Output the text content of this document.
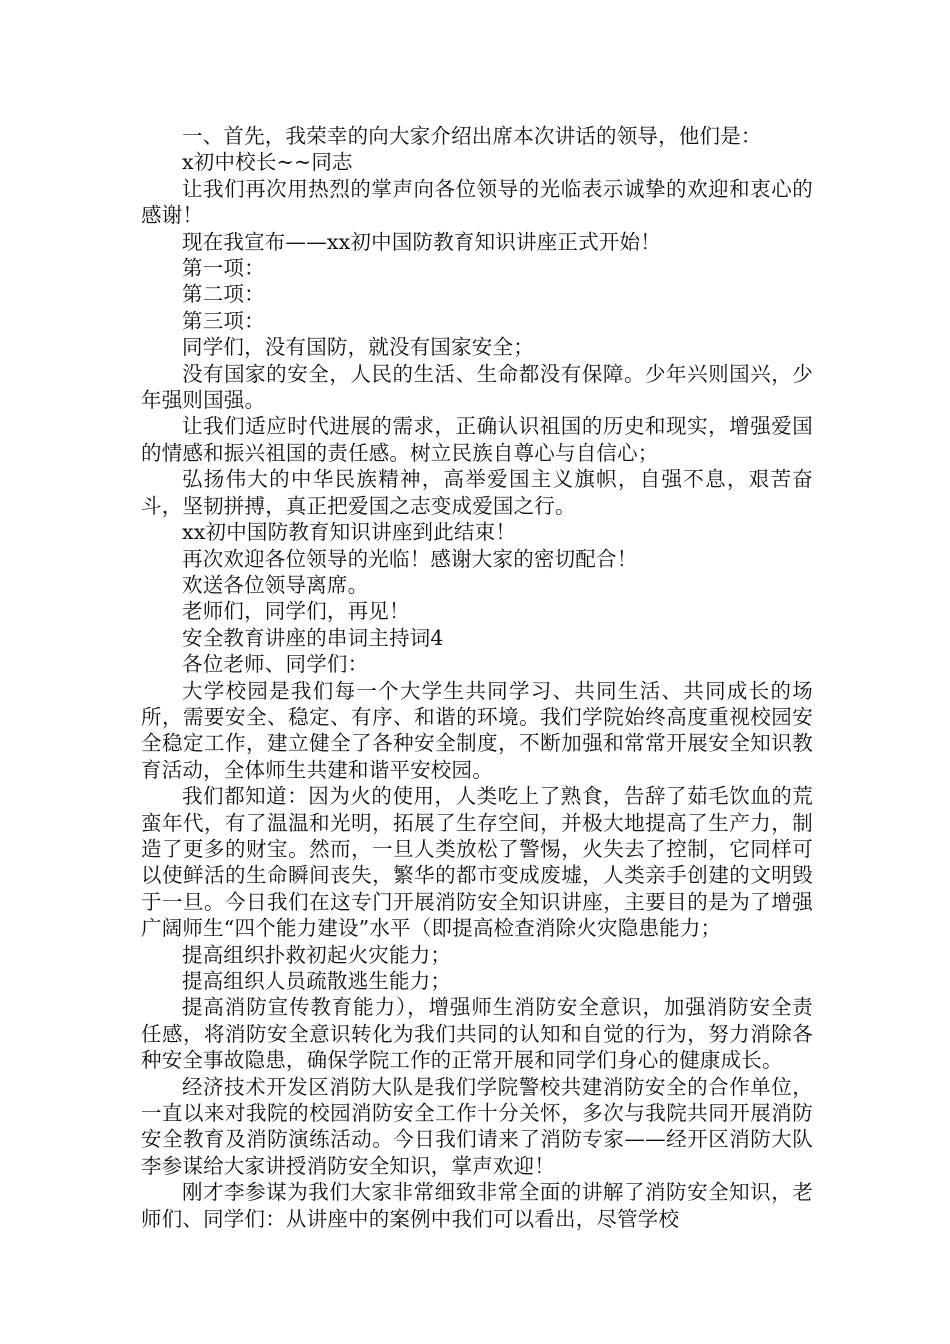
一、首先，我荣幸的向大家介绍出席本次讲话的领导，他们是：

x初中校长~~同志

让我们再次用热烈的掌声向各位领导的光临表示诚挚的欢迎和衷心的感谢！

现在我宣布——xx初中国防教育知识讲座正式开始！

第一项：

第二项：

第三项：

同学们，没有国防，就没有国家安全；

没有国家的安全，人民的生活、生命都没有保障。少年兴则国兴，少年强则国强。

让我们适应时代进展的需求，正确认识祖国的历史和现实，增强爱国的情感和振兴祖国的责任感。树立民族自尊心与自信心；

弘扬伟大的中华民族精神，高举爱国主义旗帜，自强不息，艰苦奋斗，坚韧拼搏，真正把爱国之志变成爱国之行。

xx初中国防教育知识讲座到此结束！

再次欢迎各位领导的光临！感谢大家的密切配合！

欢送各位领导离席。

老师们，同学们，再见！

安全教育讲座的串词主持词4

各位老师、同学们：

大学校园是我们每一个大学生共同学习、共同生活、共同成长的场所，需要安全、稳定、有序、和谐的环境。我们学院始终高度重视校园安全稳定工作，建立健全了各种安全制度，不断加强和常常开展安全知识教育活动，全体师生共建和谐平安校园。

我们都知道：因为火的使用，人类吃上了熟食，告辞了茹毛饮血的荒蛮年代，有了温温和光明，拓展了生存空间，并极大地提高了生产力，制造了更多的财宝。然而，一旦人类放松了警惕，火失去了控制，它同样可以使鲜活的生命瞬间丧失，繁华的都市变成废墟，人类亲手创建的文明毁于一旦。今日我们在这专门开展消防安全知识讲座，主要目的是为了增强广阔师生“四个能力建设”水平（即提高检查消除火灾隐患能力；

提高组织扑救初起火灾能力；

提高组织人员疏散逃生能力；

提高消防宣传教育能力），增强师生消防安全意识，加强消防安全责任感，将消防安全意识转化为我们共同的认知和自觉的行为，努力消除各种安全事故隐患，确保学院工作的正常开展和同学们身心的健康成长。

经济技术开发区消防大队是我们学院警校共建消防安全的合作单位，一直以来对我院的校园消防安全工作十分关怀，多次与我院共同开展消防安全教育及消防演练活动。今日我们请来了消防专家——经开区消防大队李参谋给大家讲授消防安全知识，掌声欢迎！

刚才李参谋为我们大家非常细致非常全面的讲解了消防安全知识，老师们、同学们：从讲座中的案例中我们可以看出，尽管学校
